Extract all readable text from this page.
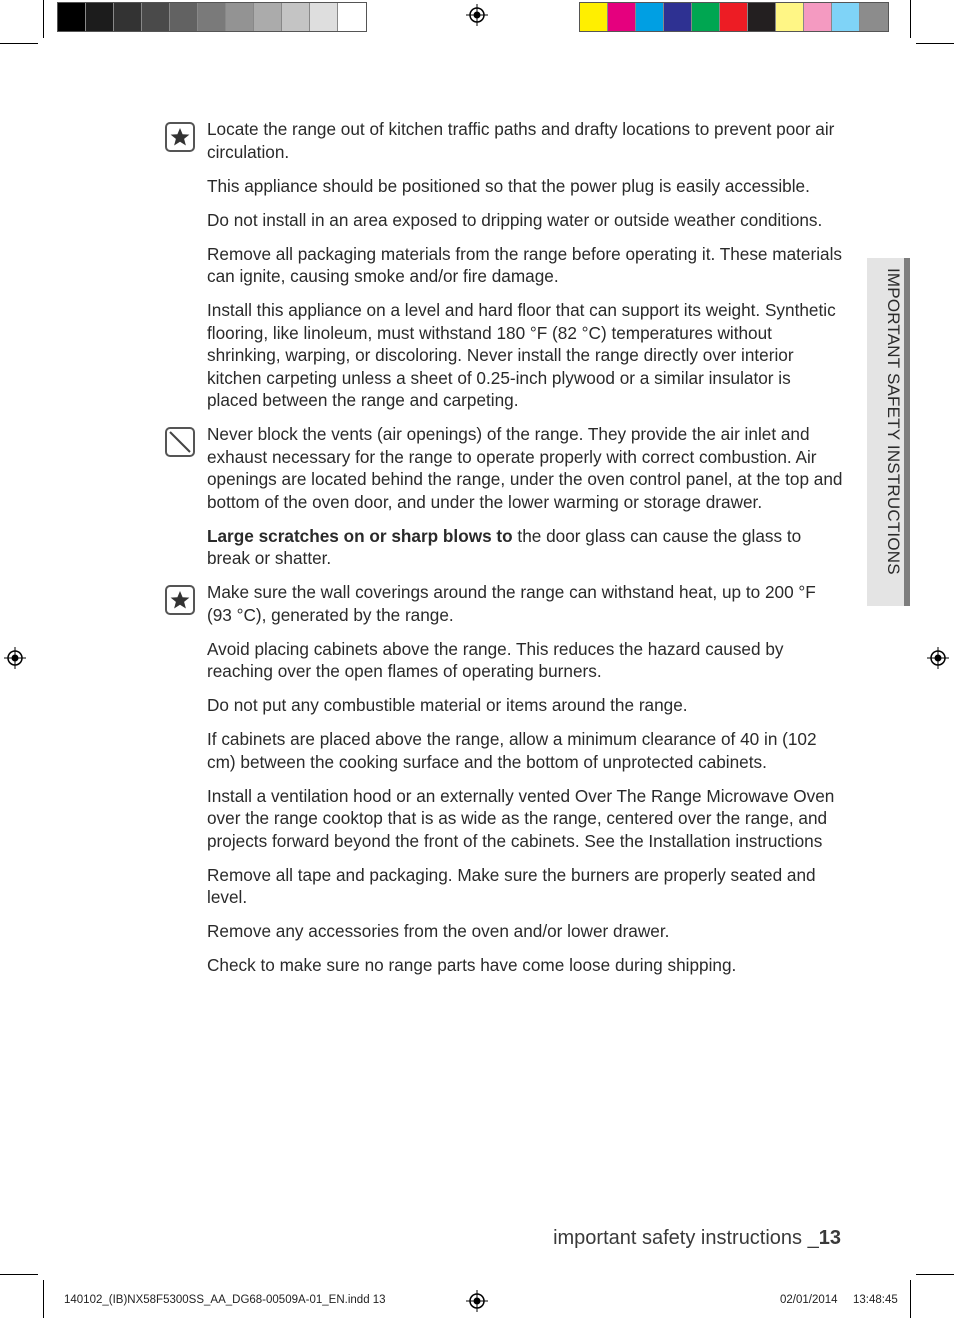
IMPORTANT SAFETY INSTRUCTIONS

Locate the range out of kitchen traffic paths and drafty locations to prevent poor air circulation.

This appliance should be positioned so that the power plug is easily accessible.

Do not install in an area exposed to dripping water or outside weather conditions.

Remove all packaging materials from the range before operating it. These materials can ignite, causing smoke and/or fire damage.

Install this appliance on a level and hard floor that can support its weight. Synthetic flooring, like linoleum, must withstand 180 °F (82 °C) temperatures without shrinking, warping, or discoloring. Never install the range directly over interior kitchen carpeting unless a sheet of 0.25-inch plywood or a similar insulator is placed between the range and carpeting.

Never block the vents (air openings) of the range. They provide the air inlet and exhaust necessary for the range to operate properly with correct combustion. Air openings are located behind the range, under the oven control panel, at the top and bottom of the oven door, and under the lower warming or storage drawer.

Large scratches on or sharp blows to the door glass can cause the glass to break or shatter.

Make sure the wall coverings around the range can withstand heat, up to 200 °F (93 °C), generated by the range.

Avoid placing cabinets above the range. This reduces the hazard caused by reaching over the open flames of operating burners.

Do not put any combustible material or items around the range.

If cabinets are placed above the range, allow a minimum clearance of 40 in (102 cm) between the cooking surface and the bottom of unprotected cabinets.

Install a ventilation hood or an externally vented Over The Range Microwave Oven over the range cooktop that is as wide as the range, centered over the range, and projects forward beyond the front of the cabinets. See the Installation instructions

Remove all tape and packaging. Make sure the burners are properly seated and level.

Remove any accessories from the oven and/or lower drawer.

Check to make sure no range parts have come loose during shipping.

important safety instructions _13
140102_(IB)NX58F5300SS_AA_DG68-00509A-01_EN.indd 13	02/01/2014 13:48:45
